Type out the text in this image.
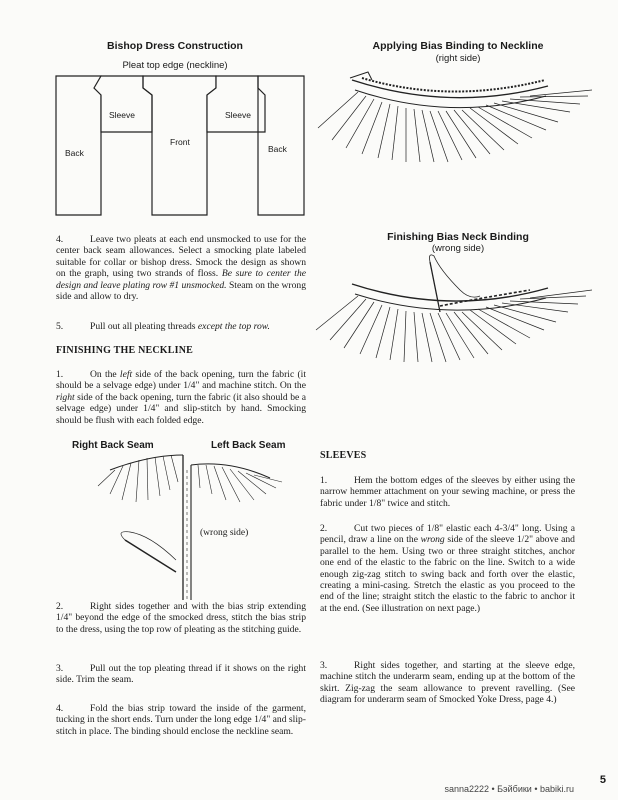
Bishop Dress Construction
Pleat top edge (neckline)
Back
Sleeve
Front
Sleeve
Back
Applying Bias Binding to Neckline
(right side)
Finishing Bias Neck Binding
(wrong side)
4.	Leave two pleats at each end unsmocked to use for the center back seam allowances. Select a smocking plate labeled suitable for collar or bishop dress. Smock the design as shown on the graph, using two strands of floss. Be sure to center the design and leave plating row #1 unsmocked. Steam on the wrong side and allow to dry.
5.	Pull out all pleating threads except the top row.
FINISHING THE NECKLINE
1.	On the left side of the back opening, turn the fabric (it should be a selvage edge) under 1/4" and machine stitch. On the right side of the back opening, turn the fabric (it also should be a selvage edge) under 1/4" and slip-stitch by hand. Smocking should be flush with each folded edge.
Right Back Seam	Left Back Seam
(wrong side)
2.	Right sides together and with the bias strip extending 1/4" beyond the edge of the smocked dress, stitch the bias strip to the dress, using the top row of pleating as the stitching guide.
3.	Pull out the top pleating thread if it shows on the right side. Trim the seam.
4.	Fold the bias strip toward the inside of the garment, tucking in the short ends. Turn under the long edge 1/4" and slip-stitch in place. The binding should enclose the neckline seam.
SLEEVES
1.	Hem the bottom edges of the sleeves by either using the narrow hemmer attachment on your sewing machine, or press the fabric under 1/8" twice and stitch.
2.	Cut two pieces of 1/8" elastic each 4-3/4" long. Using a pencil, draw a line on the wrong side of the sleeve 1/2" above and parallel to the hem. Using two or three straight stitches, anchor one end of the elastic to the fabric on the line. Switch to a wide enough zig-zag stitch to swing back and forth over the elastic, creating a mini-casing. Stretch the elastic as you proceed to the end of the line; straight stitch the elastic to the fabric to anchor it at the end. (See illustration on next page.)
3.	Right sides together, and starting at the sleeve edge, machine stitch the underarm seam, ending up at the bottom of the skirt. Zig-zag the seam allowance to prevent ravelling. (See diagram for underarm seam of Smocked Yoke Dress, page 4.)
sanna2222 • Бэйбики • babiki.ru
5
